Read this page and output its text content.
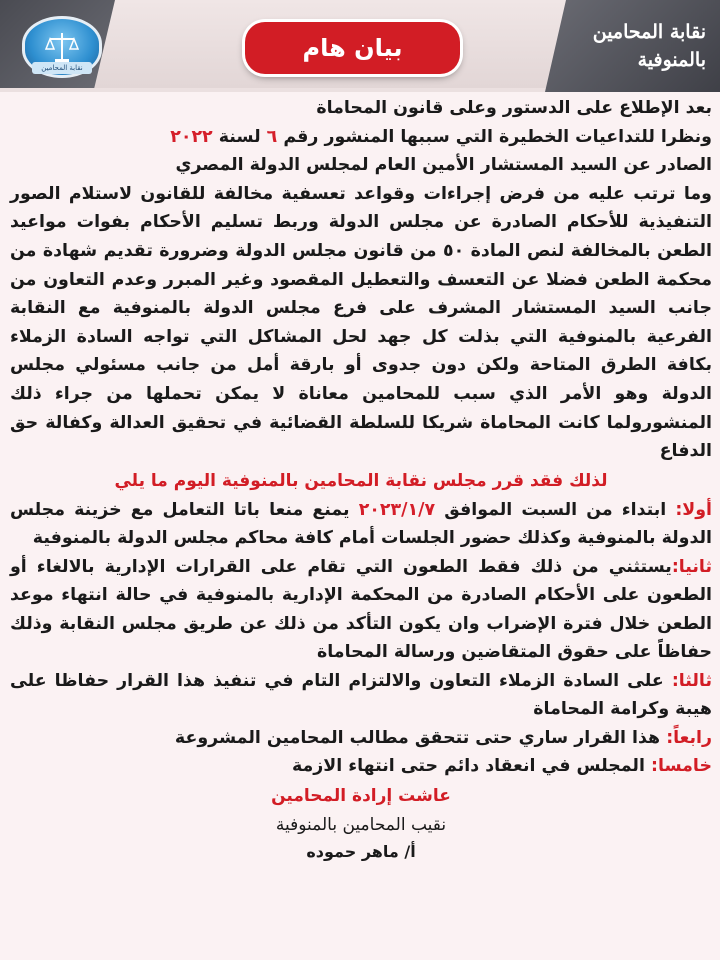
نقابة المحامين
بيان هام
نقابة المحامين
بالمنوفية

بعد الإطلاع على الدستور وعلى قانون المحاماة

ونظرا للتداعيات الخطيرة التي سببها المنشور رقم ٦ لسنة ٢٠٢٢

الصادر عن السيد المستشار الأمين العام لمجلس الدولة المصري

وما ترتب عليه من فرض إجراءات وقواعد تعسفية مخالفة للقانون لاستلام الصور التنفيذية للأحكام الصادرة عن مجلس الدولة وربط تسليم الأحكام بفوات مواعيد الطعن بالمخالفة لنص المادة ٥٠ من قانون مجلس الدولة وضرورة تقديم شهادة من محكمة الطعن فضلا عن التعسف والتعطيل المقصود وغير المبرر وعدم التعاون من جانب السيد المستشار المشرف على فرع مجلس الدولة بالمنوفية مع النقابة الفرعية بالمنوفية التي بذلت كل جهد لحل المشاكل التي تواجه السادة الزملاء بكافة الطرق المتاحة ولكن دون جدوى أو بارقة أمل من جانب مسئولي مجلس الدولة وهو الأمر الذي سبب للمحامين معاناة لا يمكن تحملها من جراء ذلك المنشورولما كانت المحاماة شريكا للسلطة القضائية في تحقيق العدالة وكفالة حق الدفاع

لذلك فقد قرر مجلس نقابة المحامين بالمنوفية اليوم ما يلي

أولا: ابتداء من السبت الموافق ٢٠٢٣/١/٧ يمنع منعا باتا التعامل مع خزينة مجلس الدولة بالمنوفية وكذلك حضور الجلسات أمام كافة محاكم مجلس الدولة بالمنوفية

ثانيا:يستثني من ذلك فقط الطعون التي تقام على القرارات الإدارية بالالغاء أو الطعون على الأحكام الصادرة من المحكمة الإدارية بالمنوفية في حالة انتهاء موعد الطعن خلال فترة الإضراب وان يكون التأكد من ذلك عن طريق مجلس النقابة وذلك حفاظاً على حقوق المتقاضين ورسالة المحاماة

ثالثا: على السادة الزملاء التعاون والالتزام التام في تنفيذ هذا القرار حفاظا على هيبة وكرامة المحاماة

رابعاً: هذا القرار ساري حتى تتحقق مطالب المحامين المشروعة

خامسا: المجلس في انعقاد دائم حتى انتهاء الازمة

عاشت إرادة المحامين

نقيب المحامين بالمنوفية

أ/ ماهر حموده
